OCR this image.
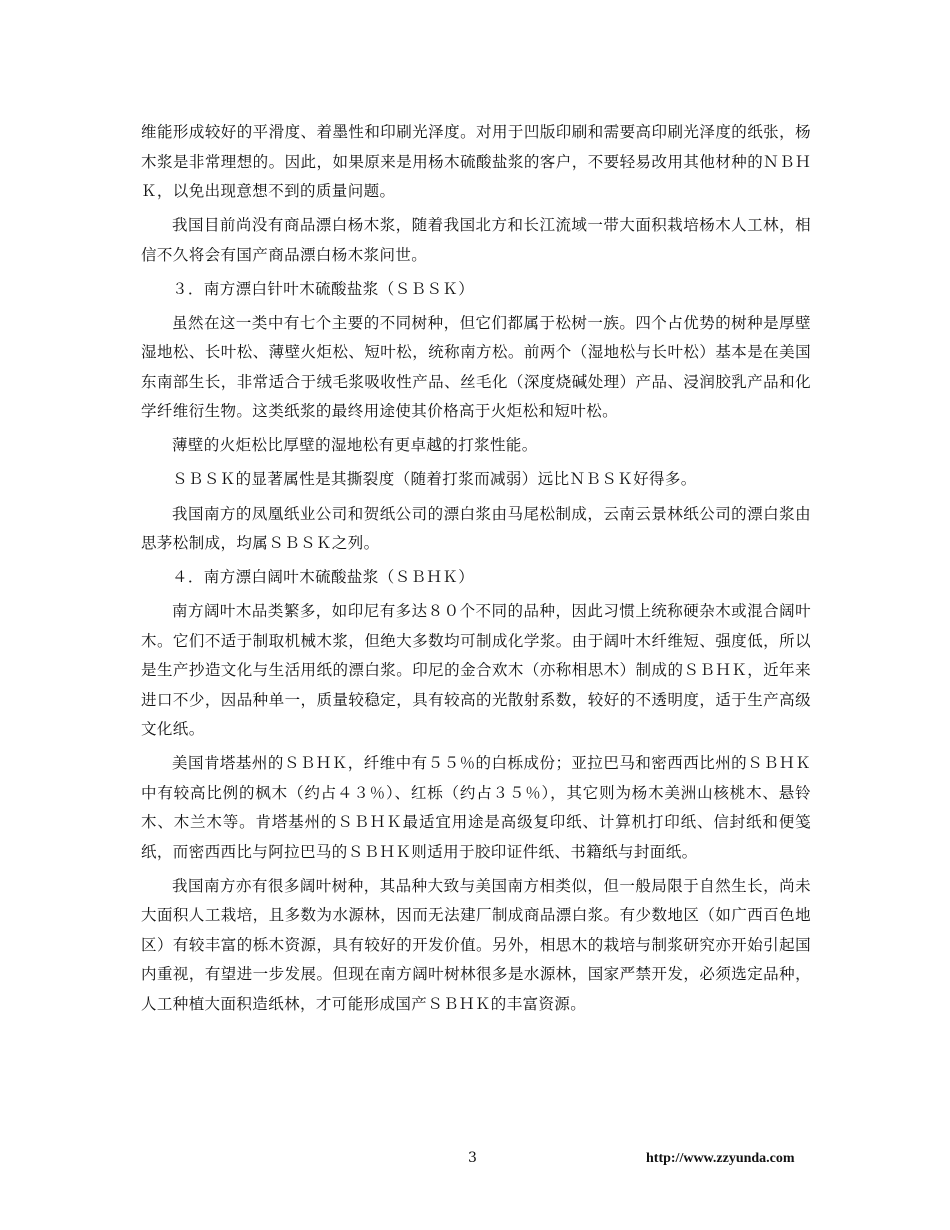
维能形成较好的平滑度、着墨性和印刷光泽度。对用于凹版印刷和需要高印刷光泽度的纸张，杨木浆是非常理想的。因此，如果原来是用杨木硫酸盐浆的客户，不要轻易改用其他材种的ＮＢＨＫ，以免出现意想不到的质量问题。

我国目前尚没有商品漂白杨木浆，随着我国北方和长江流域一带大面积栽培杨木人工林，相信不久将会有国产商品漂白杨木浆问世。

３．南方漂白针叶木硫酸盐浆（ＳＢＳＫ）

虽然在这一类中有七个主要的不同树种，但它们都属于松树一族。四个占优势的树种是厚壁湿地松、长叶松、薄壁火炬松、短叶松，统称南方松。前两个（湿地松与长叶松）基本是在美国东南部生长，非常适合于绒毛浆吸收性产品、丝毛化（深度烧碱处理）产品、浸润胶乳产品和化学纤维衍生物。这类纸浆的最终用途使其价格高于火炬松和短叶松。

薄壁的火炬松比厚壁的湿地松有更卓越的打浆性能。

ＳＢＳＫ的显著属性是其撕裂度（随着打浆而减弱）远比ＮＢＳＫ好得多。

我国南方的凤凰纸业公司和贺纸公司的漂白浆由马尾松制成，云南云景林纸公司的漂白浆由思茅松制成，均属ＳＢＳＫ之列。

４．南方漂白阔叶木硫酸盐浆（ＳＢＨＫ）

南方阔叶木品类繁多，如印尼有多达８０个不同的品种，因此习惯上统称硬杂木或混合阔叶木。它们不适于制取机械木浆，但绝大多数均可制成化学浆。由于阔叶木纤维短、强度低，所以是生产抄造文化与生活用纸的漂白浆。印尼的金合欢木（亦称相思木）制成的ＳＢＨＫ，近年来进口不少，因品种单一，质量较稳定，具有较高的光散射系数，较好的不透明度，适于生产高级文化纸。

美国肯塔基州的ＳＢＨＫ，纤维中有５５％的白栎成份；亚拉巴马和密西西比州的ＳＢＨＫ中有较高比例的枫木（约占４３％）、红栎（约占３５％），其它则为杨木美洲山核桃木、悬铃木、木兰木等。肯塔基州的ＳＢＨＫ最适宜用途是高级复印纸、计算机打印纸、信封纸和便笺纸，而密西西比与阿拉巴马的ＳＢＨＫ则适用于胶印证件纸、书籍纸与封面纸。

我国南方亦有很多阔叶树种，其品种大致与美国南方相类似，但一般局限于自然生长，尚未大面积人工栽培，且多数为水源林，因而无法建厂制成商品漂白浆。有少数地区（如广西百色地区）有较丰富的栎木资源，具有较好的开发价值。另外，相思木的栽培与制浆研究亦开始引起国内重视，有望进一步发展。但现在南方阔叶树林很多是水源林，国家严禁开发，必须选定品种，人工种植大面积造纸林，才可能形成国产ＳＢＨＫ的丰富资源。

3	http://www.zzyunda.com
